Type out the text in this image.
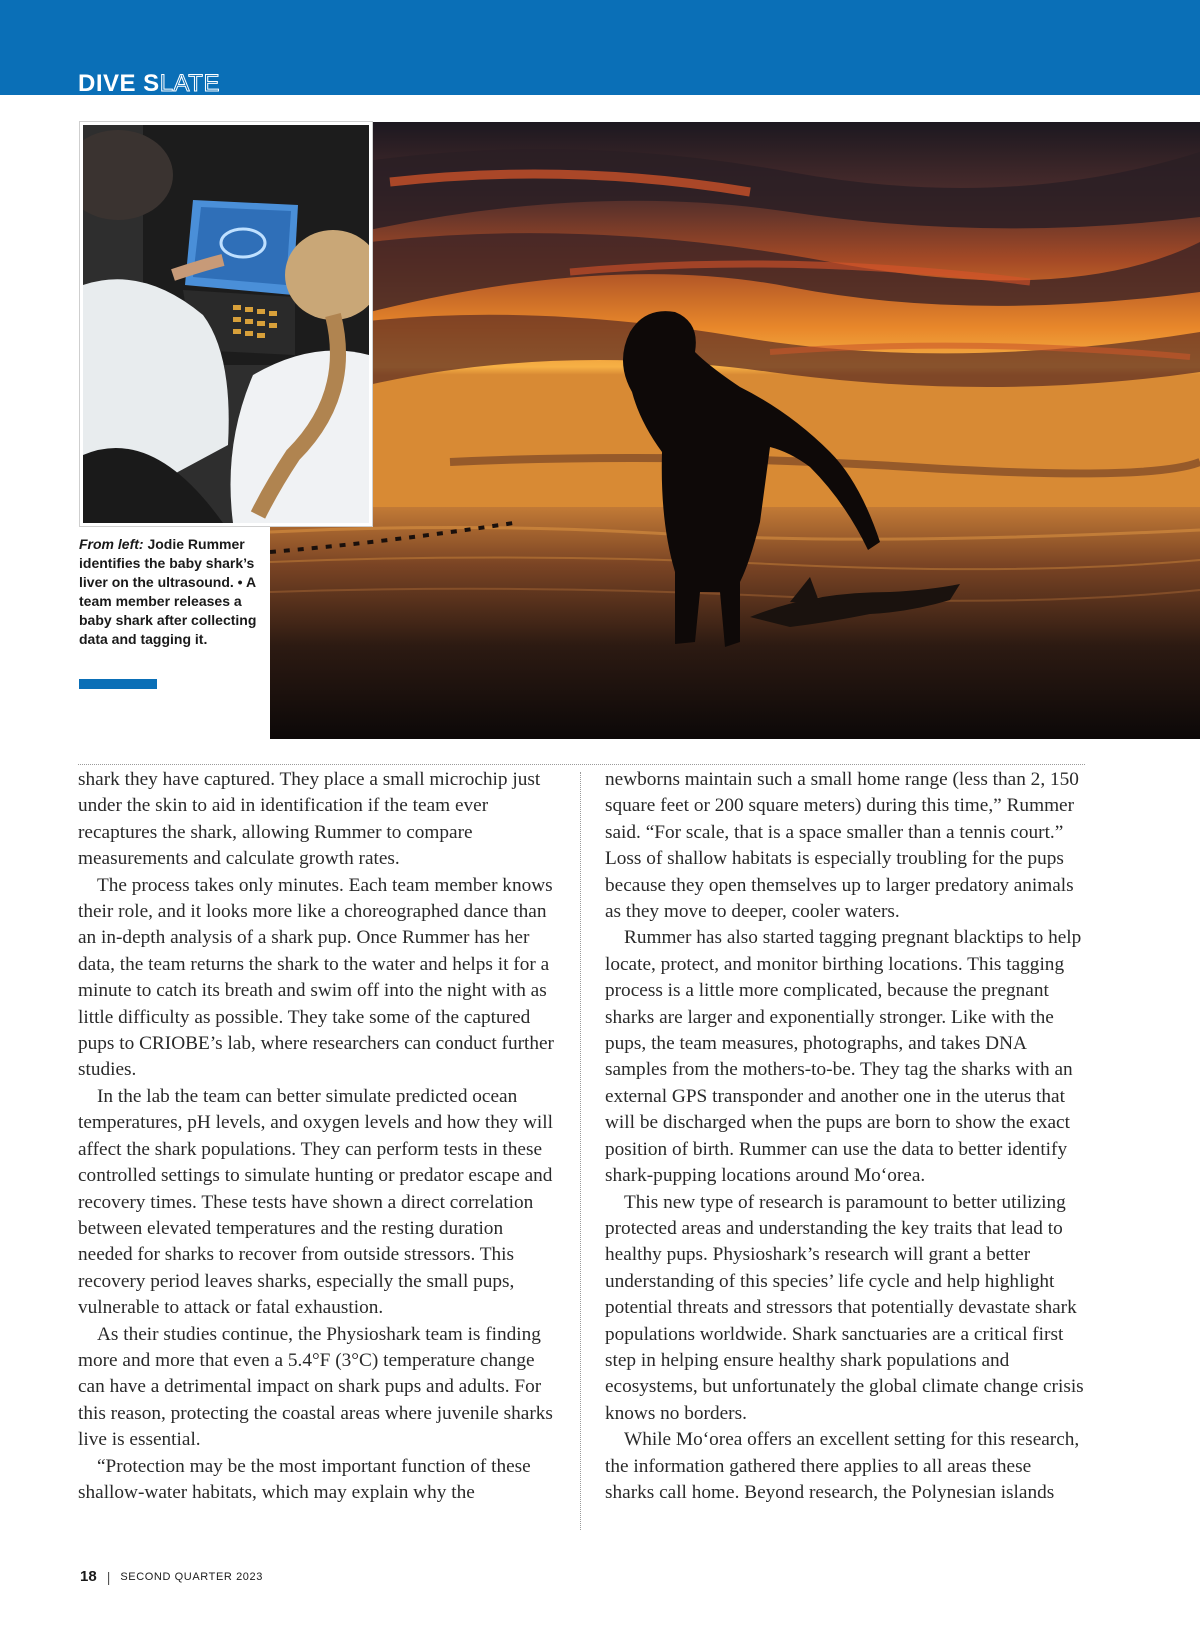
DIVE SLATE
From left: Jodie Rummer identifies the baby shark’s liver on the ultrasound. • A team member releases a baby shark after collecting data and tagging it.

shark they have captured. They place a small microchip just under the skin to aid in identification if the team ever recaptures the shark, allowing Rummer to compare measurements and calculate growth rates.

The process takes only minutes. Each team member knows their role, and it looks more like a choreographed dance than an in-depth analysis of a shark pup. Once Rummer has her data, the team returns the shark to the water and helps it for a minute to catch its breath and swim off into the night with as little difficulty as possible. They take some of the captured pups to CRIOBE’s lab, where researchers can conduct further studies.

In the lab the team can better simulate predicted ocean temperatures, pH levels, and oxygen levels and how they will affect the shark populations. They can perform tests in these controlled settings to simulate hunting or predator escape and recovery times. These tests have shown a direct correlation between elevated temperatures and the resting duration needed for sharks to recover from outside stressors. This recovery period leaves sharks, especially the small pups, vulnerable to attack or fatal exhaustion.

As their studies continue, the Physioshark team is finding more and more that even a 5.4°F (3°C) temperature change can have a detrimental impact on shark pups and adults. For this reason, protecting the coastal areas where juvenile sharks live is essential.

“Protection may be the most important function of these shallow-water habitats, which may explain why the

newborns maintain such a small home range (less than 2, 150 square feet or 200 square meters) during this time,” Rummer said. “For scale, that is a space smaller than a tennis court.” Loss of shallow habitats is especially troubling for the pups because they open themselves up to larger predatory animals as they move to deeper, cooler waters.

Rummer has also started tagging pregnant blacktips to help locate, protect, and monitor birthing locations. This tagging process is a little more complicated, because the pregnant sharks are larger and exponentially stronger. Like with the pups, the team measures, photographs, and takes DNA samples from the mothers-to-be. They tag the sharks with an external GPS transponder and another one in the uterus that will be discharged when the pups are born to show the exact position of birth. Rummer can use the data to better identify shark-pupping locations around Mo‘orea.

This new type of research is paramount to better utilizing protected areas and understanding the key traits that lead to healthy pups. Physioshark’s research will grant a better understanding of this species’ life cycle and help highlight potential threats and stressors that potentially devastate shark populations worldwide. Shark sanctuaries are a critical first step in helping ensure healthy shark populations and ecosystems, but unfortunately the global climate change crisis knows no borders.

While Mo‘orea offers an excellent setting for this research, the information gathered there applies to all areas these sharks call home. Beyond research, the Polynesian islands

18 | SECOND QUARTER 2023
